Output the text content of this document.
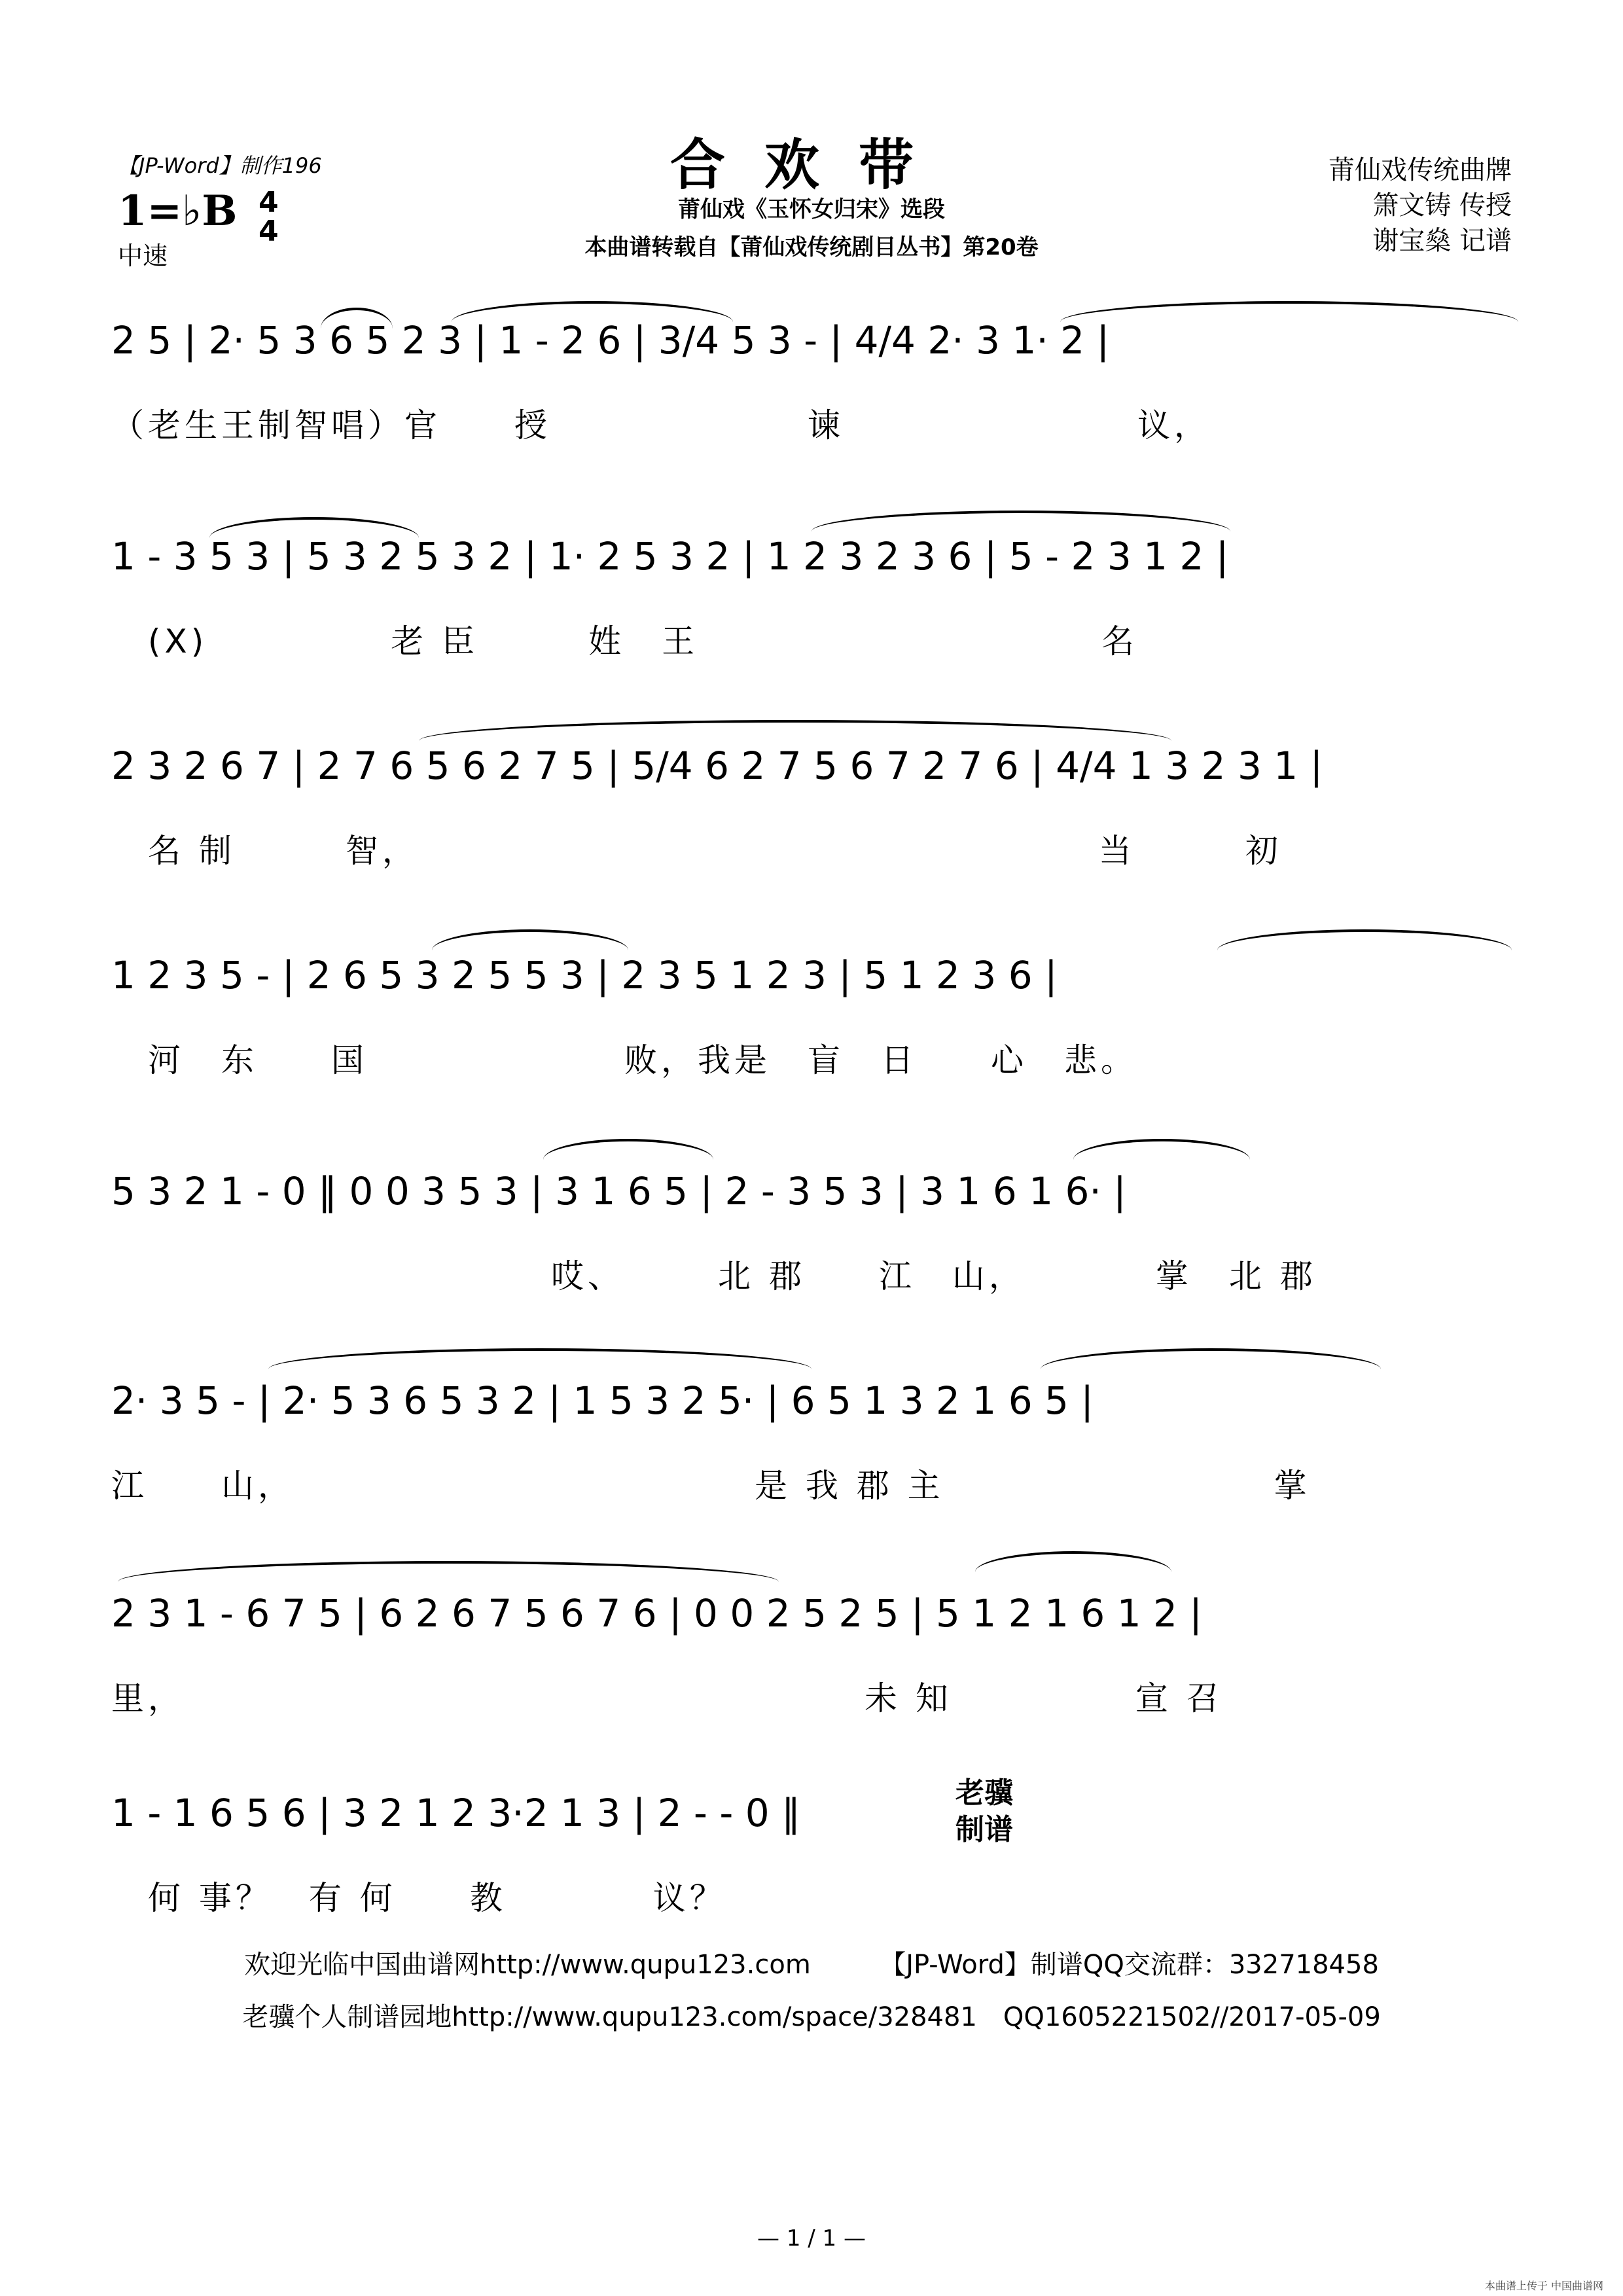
【JP-Word】制作196	合欢带
莆仙戏《玉怀女归宋》选段
本曲谱转载自【莆仙戏传统剧目丛书】第20卷
1=♭B 4
4
中速
莆仙戏传统曲牌
箫文铸 传授
谢宝燊 记谱
2 5 | 2· 5 3 6 5 2 3 | 1 - 2 6 | 3/4 5 3 - | 4/4 2· 3 1· 2 |
（老生王制智唱）官　　授　　　　　　　谏　　　　　　　　议，
1 - 3 5 3 | 5 3 2 5 3 2 | 1· 2 5 3 2 | 1 2 3 2 3 6 | 5 - 2 3 1 2 |
　(X)　　　　　老 臣　　　姓　王　　　　　　　　　　　名
2 3 2 6 7 | 2 7 6 5 6 2 7 5 | 5/4 6 2 7 5 6 7 2 7 6 | 4/4 1 3 2 3 1 |
　名 制　　　智，　　　　　　　　　　　　　　　　　　　当　　　初
1 2 3 5 - | 2 6 5 3 2 5 5 3 | 2 3 5 1 2 3 | 5 1 2 3 6 |
　河　东　　国　　　　　　　败，我是　盲　日　　心　悲。
5 3 2 1 - 0 ‖ 0 0 3 5 3 | 3 1 6 5 | 2 - 3 5 3 | 3 1 6 1 6· |
　　　　　　　　　　　　哎、　　　北 郡　　江　山，　　　　掌　北 郡
2· 3 5 - | 2· 5 3 6 5 3 2 | 1 5 3 2 5· | 6 5 1 3 2 1 6 5 |
江　　山，　　　　　　　　　　　　　是 我 郡 主　　　　　　　　　掌
2 3 1 - 6 7 5 | 6 2 6 7 5 6 7 6 | 0 0 2 5 2 5 | 5 1 2 1 6 1 2 |
里，　　　　　　　　　　　　　　　　　　　未 知　　　　　宣 召
1 - 1 6 5 6 | 3 2 1 2 3·2 1 3 | 2 - - 0 ‖
　何 事？　有 何　　教　　　　议？
老骥
制谱
欢迎光临中国曲谱网http://www.qupu123.com	【JP-Word】制谱QQ交流群：332718458
老骥个人制谱园地http://www.qupu123.com/space/328481　QQ1605221502//2017-05-09
— 1 / 1 —
本曲谱上传于 中国曲谱网
